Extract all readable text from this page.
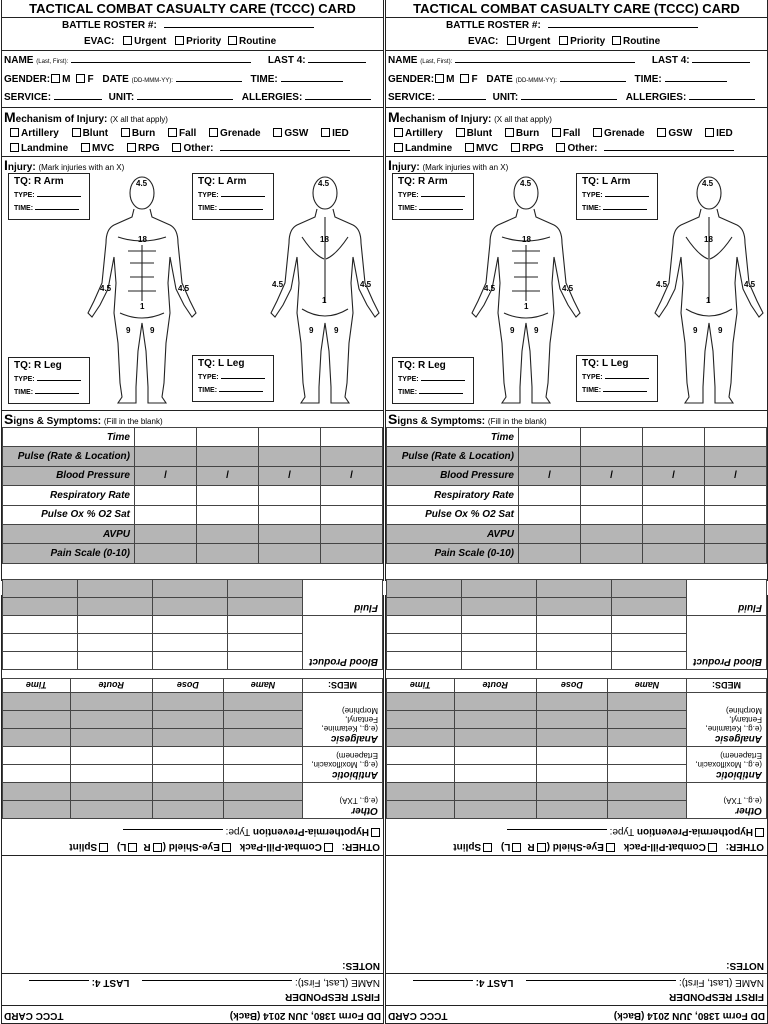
TACTICAL COMBAT CASUALTY CARE (TCCC) CARD
BATTLE ROSTER #:
EVAC: Urgent Priority Routine
NAME (Last, First):	LAST 4:
GENDER: M F DATE (DD-MMM-YY):	TIME:
SERVICE:	UNIT:	ALLERGIES:
Mechanism of Injury: (X all that apply)
Artillery Blunt Burn Fall Grenade GSW IED
Landmine MVC RPG Other:
Injury: (Mark injuries with an X)
4.5
18
4.5	4.5
1
9 9
4.5
18
4.5	4.5
1
9	9
TQ: R Arm
TYPE:
TIME:
TQ: L Arm
TYPE:
TIME:
TQ: R Leg
TYPE:
TIME:
TQ: L Leg
TYPE:
TIME:
Signs & Symptoms: (Fill in the blank)
Time				
Pulse (Rate & Location)				
Blood Pressure	/	/	/	/
Respiratory Rate				
Pulse Ox % O2 Sat				
AVPU				
Pain Scale (0-10)				
TACTICAL COMBAT CASUALTY CARE (TCCC) CARD
BATTLE ROSTER #:
EVAC: Urgent Priority Routine
NAME (Last, First):	LAST 4:
GENDER: M F DATE (DD-MMM-YY):	TIME:
SERVICE:	UNIT:	ALLERGIES:
Mechanism of Injury: (X all that apply)
Artillery Blunt Burn Fall Grenade GSW IED
Landmine MVC RPG Other:
Injury: (Mark injuries with an X)
4.5
18
4.5	4.5
1
9 9
4.5
18
4.5	4.5
1
9	9
TQ: R Arm
TYPE:
TIME:
TQ: L Arm
TYPE:
TIME:
TQ: R Leg
TYPE:
TIME:
TQ: L Leg
TYPE:
TIME:
Signs & Symptoms: (Fill in the blank)
Time				
Pulse (Rate & Location)				
Blood Pressure	/	/	/	/
Respiratory Rate				
Pulse Ox % O2 Sat				
AVPU				
Pain Scale (0-10)				
DD Form 1380, JUN 2014 (Back)
TCCC CARD
FIRST RESPONDER
NAME (Last, First):  LAST 4:
NOTES:
OTHER: Combat-Pill-Pack Eye-Shield (RL) Splint
Hypothermia-Prevention Type:
Other
(e.g., TXA)				

Antibiotic
(e.g., Moxifloxacin, Ertapenem)				

Analgesic
(e.g., Ketamine, Fentanyl, Morphine)				

MEDS:	Name	Dose	Route	Time
Blood Product				

Fluid				

DD Form 1380, JUN 2014 (Back)
TCCC CARD
FIRST RESPONDER
NAME (Last, First):  LAST 4:
NOTES:
OTHER: Combat-Pill-Pack Eye-Shield (RL) Splint
Hypothermia-Prevention Type:
Other
(e.g., TXA)				

Antibiotic
(e.g., Moxifloxacin, Ertapenem)				

Analgesic
(e.g., Ketamine, Fentanyl, Morphine)				

MEDS:	Name	Dose	Route	Time
Blood Product				

Fluid				
